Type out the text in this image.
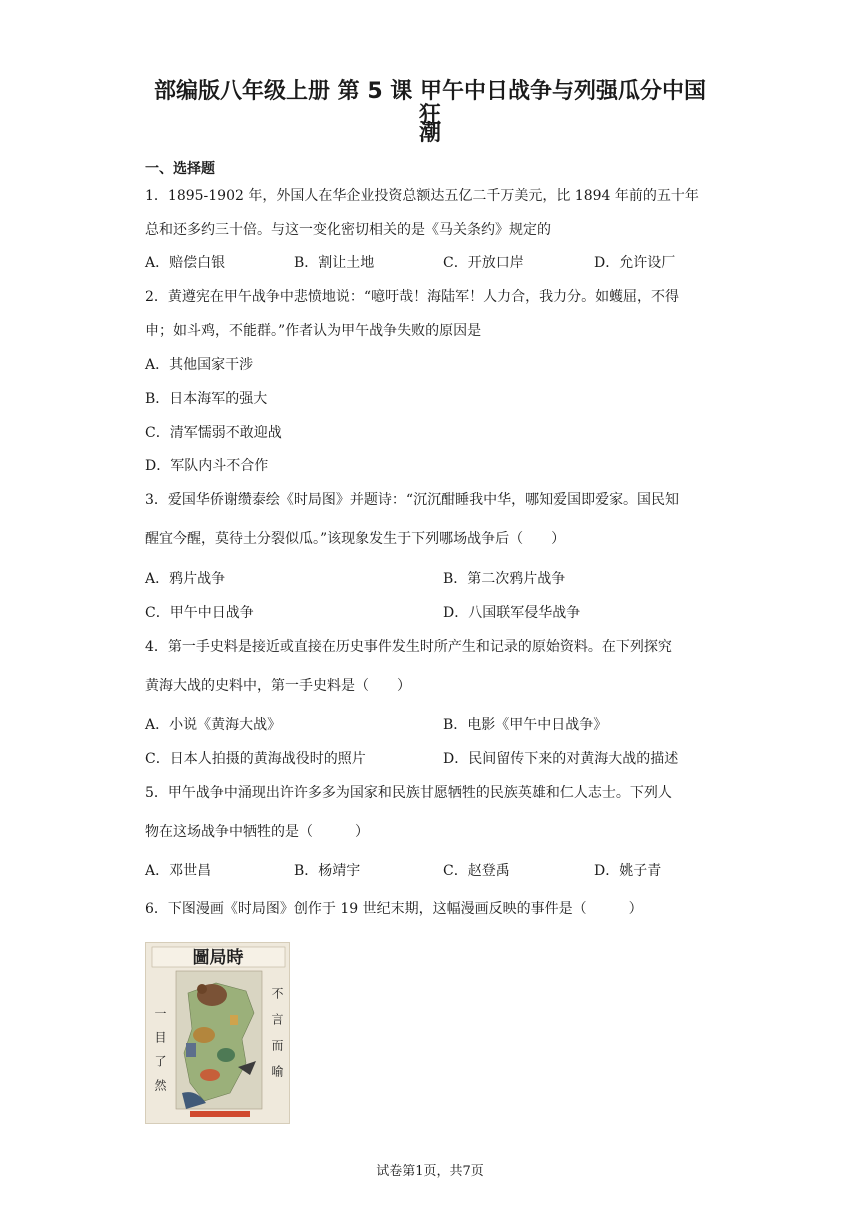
部编版八年级上册 第 5 课 甲午中日战争与列强瓜分中国狂
潮
一、选择题
1．1895-1902 年，外国人在华企业投资总额达五亿二千万美元，比 1894 年前的五十年
总和还多约三十倍。与这一变化密切相关的是《马关条约》规定的
A．赔偿白银	B．割让土地	C．开放口岸	D．允许设厂
2．黄遵宪在甲午战争中悲愤地说：“噫吁哉！海陆军！人力合，我力分。如蠖屈，不得
申；如斗鸡，不能群。”作者认为甲午战争失败的原因是
A．其他国家干涉
B．日本海军的强大
C．清军懦弱不敢迎战
D．军队内斗不合作
3．爱国华侨谢缵泰绘《时局图》并题诗：“沉沉酣睡我中华，哪知爱国即爱家。国民知
醒宜今醒，莫待土分裂似瓜。”该现象发生于下列哪场战争后（　　）
A．鸦片战争	B．第二次鸦片战争
C．甲午中日战争	D．八国联军侵华战争
4．第一手史料是接近或直接在历史事件发生时所产生和记录的原始资料。在下列探究
黄海大战的史料中，第一手史料是（　　）
A．小说《黄海大战》	B．电影《甲午中日战争》
C．日本人拍摄的黄海战役时的照片	D．民间留传下来的对黄海大战的描述
5．甲午战争中涌现出许许多多为国家和民族甘愿牺牲的民族英雄和仁人志士。下列人
物在这场战争中牺牲的是（　　　）
A．邓世昌	B．杨靖宇	C．赵登禹	D．姚子青
6．下图漫画《时局图》创作于 19 世纪末期，这幅漫画反映的事件是（　　　）
圖局時
一目了然	不言而喻
试卷第1页，共7页
